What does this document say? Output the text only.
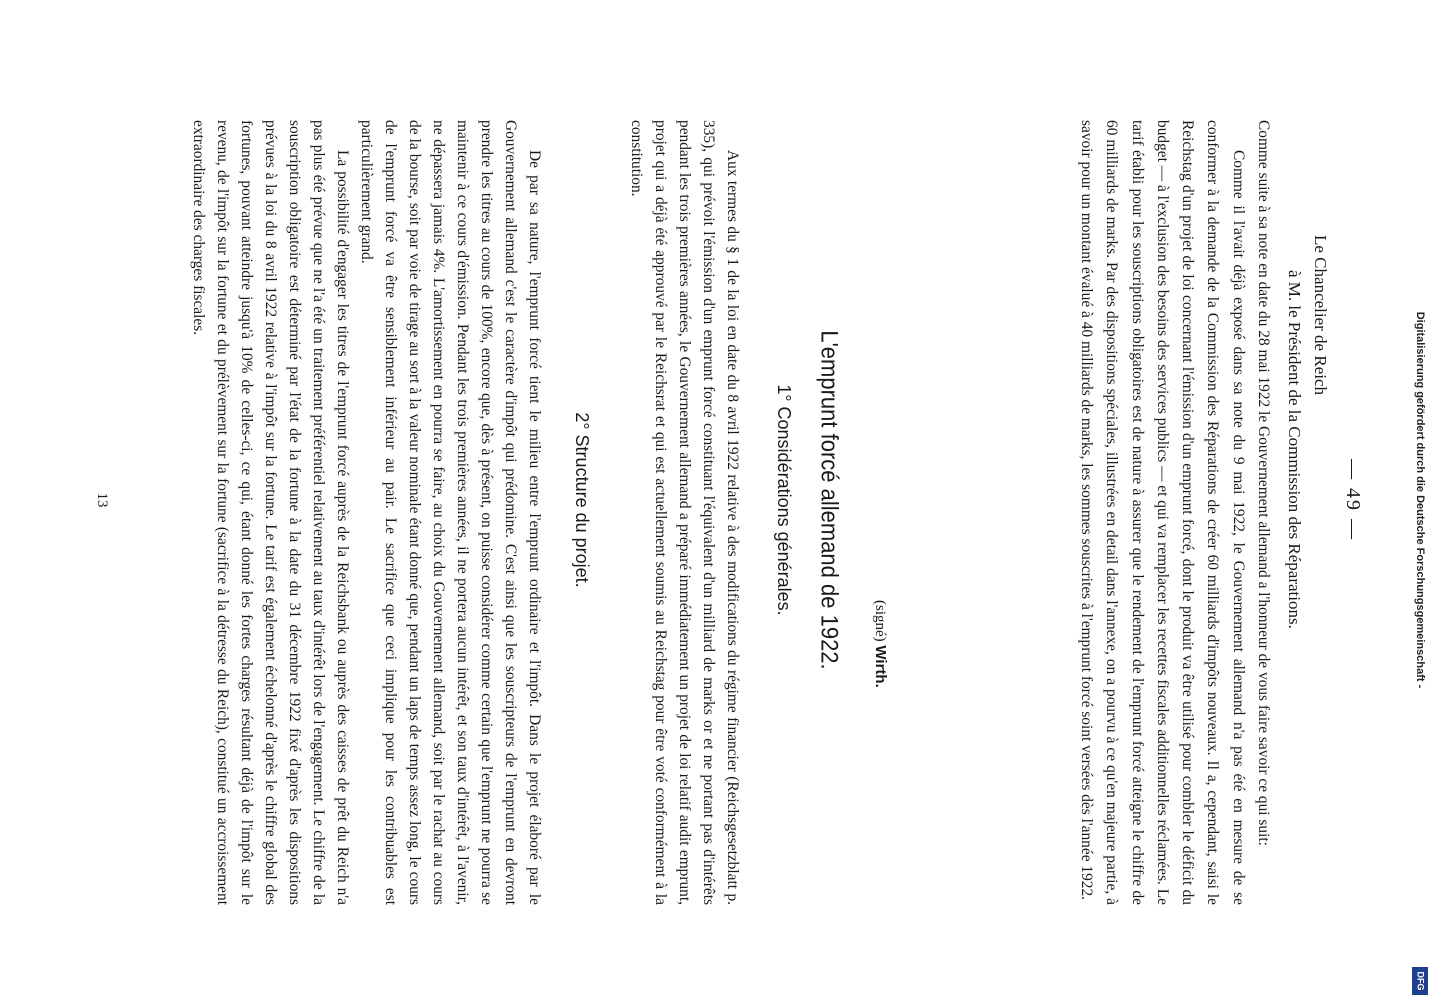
— 49 —
Le Chancelier de Reich
à M. le Président de la Commission des Réparations.

Comme suite à sa note en date du 28 mai 1922 le Gouvernement allemand a l'honneur de vous faire savoir ce qui suit:

Comme il l'avait déjà exposé dans sa note du 9 mai 1922, le Gouvernement allemand n'a pas été en mesure de se conformer à la demande de la Commission des Réparations de créer 60 milliards d'impôts nouveaux. Il a, cependant, saisi le Reichstag d'un projet de loi concernant l'émission d'un emprunt forcé, dont le produit va être utilisé pour combler le déficit du budget — à l'exclusion des besoins des services publics — et qui va remplacer les recettes fiscales additionnelles réclamées. Le tarif établi pour les souscriptions obligatoires est de nature à assurer que le rendement de l'emprunt forcé atteigne le chiffre de 60 milliards de marks. Par des dispositions spéciales, illustrées en detail dans l'annexe, on a pourvu à ce qu'en majeure partie, à savoir pour un montant évalué à 40 milliards de marks, les sommes souscrites à l'emprunt forcé soint versées dès l'année 1922.

(signé) Wirth.
L'emprunt forcé allemand de 1922.
1° Considérations générales.

Aux termes du § 1 de la loi en date du 8 avril 1922 relative à des modifications du régime financier (Reichsgesetzblatt p. 335), qui prévoit l'émission d'un emprunt forcé constituant l'équivalent d'un milliard de marks or et ne portant pas d'intérêts pendant les trois premières années, le Gouvernement allemand a préparé immédiatement un projet de loi relatif audit emprunt, projet qui a déjà été approuvé par le Reichsrat et qui est actuellement soumis au Reichstag pour être voté conformément à la constitution.

2° Structure du projet.

De par sa nature, l'emprunt forcé tient le milieu entre l'emprunt ordinaire et l'impôt. Dans le projet élaboré par le Gouvernement allemand c'est le caractère d'impôt qui prédomine. C'est ainsi que les souscripteurs de l'emprunt en devront prendre les titres au cours de 100%, encore que, dès à présent, on puisse considérer comme certain que l'emprunt ne pourra se maintenir à ce cours d'émission. Pendant les trois premières années, il ne portera aucun intérêt, et son taux d'intérêt, à l'avenir, ne dépassera jamais 4%. L'amortissement en pourra se faire, au choix du Gouvernement allemand, soit par le rachat au cours de la bourse, soit par voie de tirage au sort à la valeur nominale étant donné que, pendant un laps de temps assez long, le cours de l'emprunt forcé va être sensiblement inférieur au pair. Le sacrifice que ceci implique pour les contribuables est particulièrement grand.

La possibilité d'engager les titres de l'emprunt forcé auprès de la Reichsbank ou auprès des caisses de prêt du Reich n'a pas plus été prévue que ne l'a été un traitement préférentiel relativement au taux d'intérêt lors de l'engagement. Le chiffre de la souscription obligatoire est déterminé par l'état de la fortune à la date du 31 décembre 1922 fixé d'après les dispositions prévues à la loi du 8 avril 1922 relative à l'impôt sur la fortune. Le tarif est également échelonné d'après le chiffre global des fortunes, pouvant atteindre jusqu'à 10% de celles-ci, ce qui, étant donné les fortes charges résultant déjà de l'impôt sur le revenu, de l'impôt sur la fortune et du prélèvement sur la fortune (sacrifice à la détresse du Reich), constitué un accroissement extraordinaire des charges fiscales.

13	Digitalisierung gefördert durch die Deutsche Forschungsgemeinschaft -
DFG
